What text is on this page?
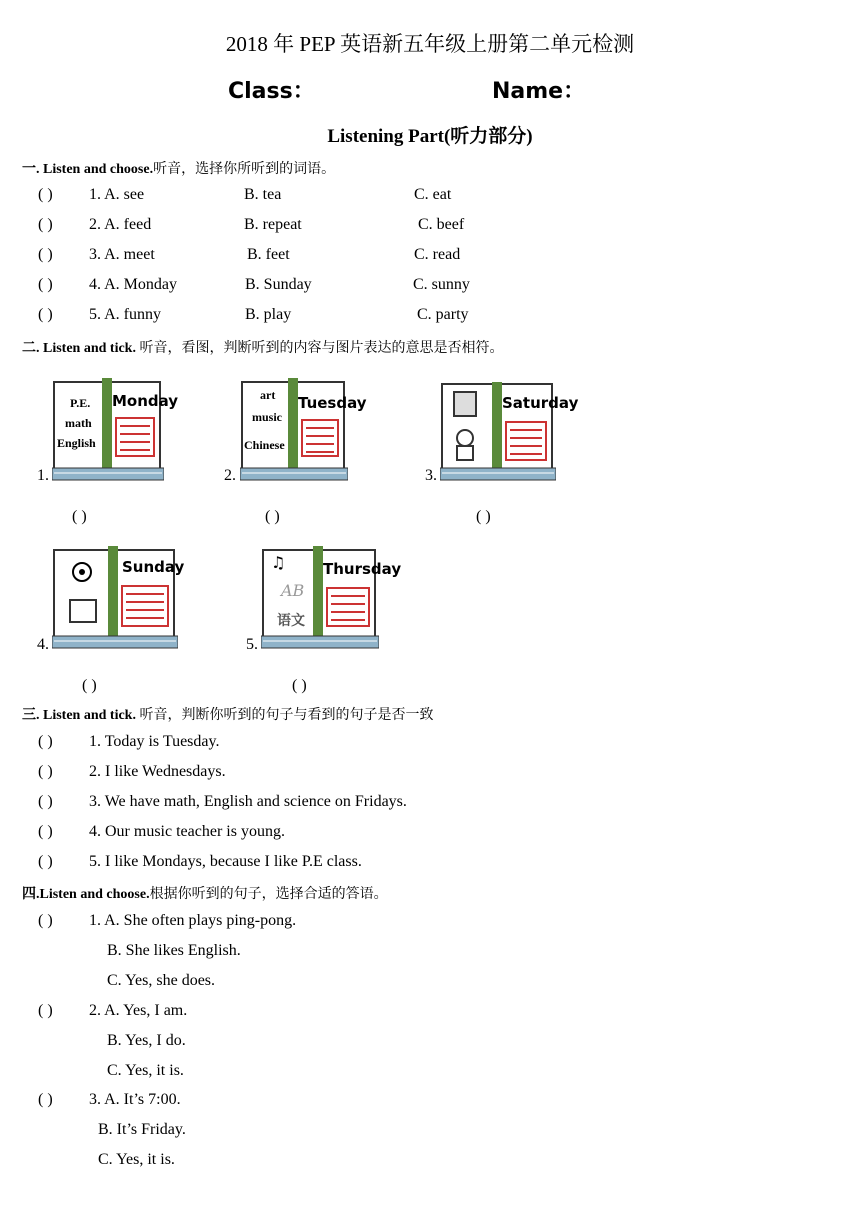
2018 年 PEP 英语新五年级上册第二单元检测
Class：	Name：
Listening Part(听力部分)
一. Listen and choose.听音，选择你所听到的词语。
( ) 1. A. see	B. tea	C. eat
( ) 2. A. feed	B. repeat	C. beef
( ) 3. A. meet	B. feet	C. read
( ) 4. A. Monday	B. Sunday	C. sunny
( ) 5. A. funny	B. play	C. party
二. Listen and tick. 听音，看图，判断听到的内容与图片表达的意思是否相符。
1.
Monday
P.E.
math
English
( )
2.
Tuesday
art
music
Chinese
( )
3.
Saturday
( )
4.
Sunday
( )
5.
♫
AB
Thursday
语文
( )
三. Listen and tick. 听音，判断你听到的句子与看到的句子是否一致
( ) 1. Today is Tuesday.
( ) 2. I like Wednesdays.
( ) 3. We have math, English and science on Fridays.
( ) 4. Our music teacher is young.
( ) 5. I like Mondays, because I like P.E class.
四.Listen and choose.根据你听到的句子，选择合适的答语。
( ) 1. A. She often plays ping-pong.
B. She likes English.
C. Yes, she does.
( ) 2. A. Yes, I am.
B. Yes, I do.
C. Yes, it is.
( ) 3. A. It’s 7:00.
B. It’s Friday.
C. Yes, it is.
